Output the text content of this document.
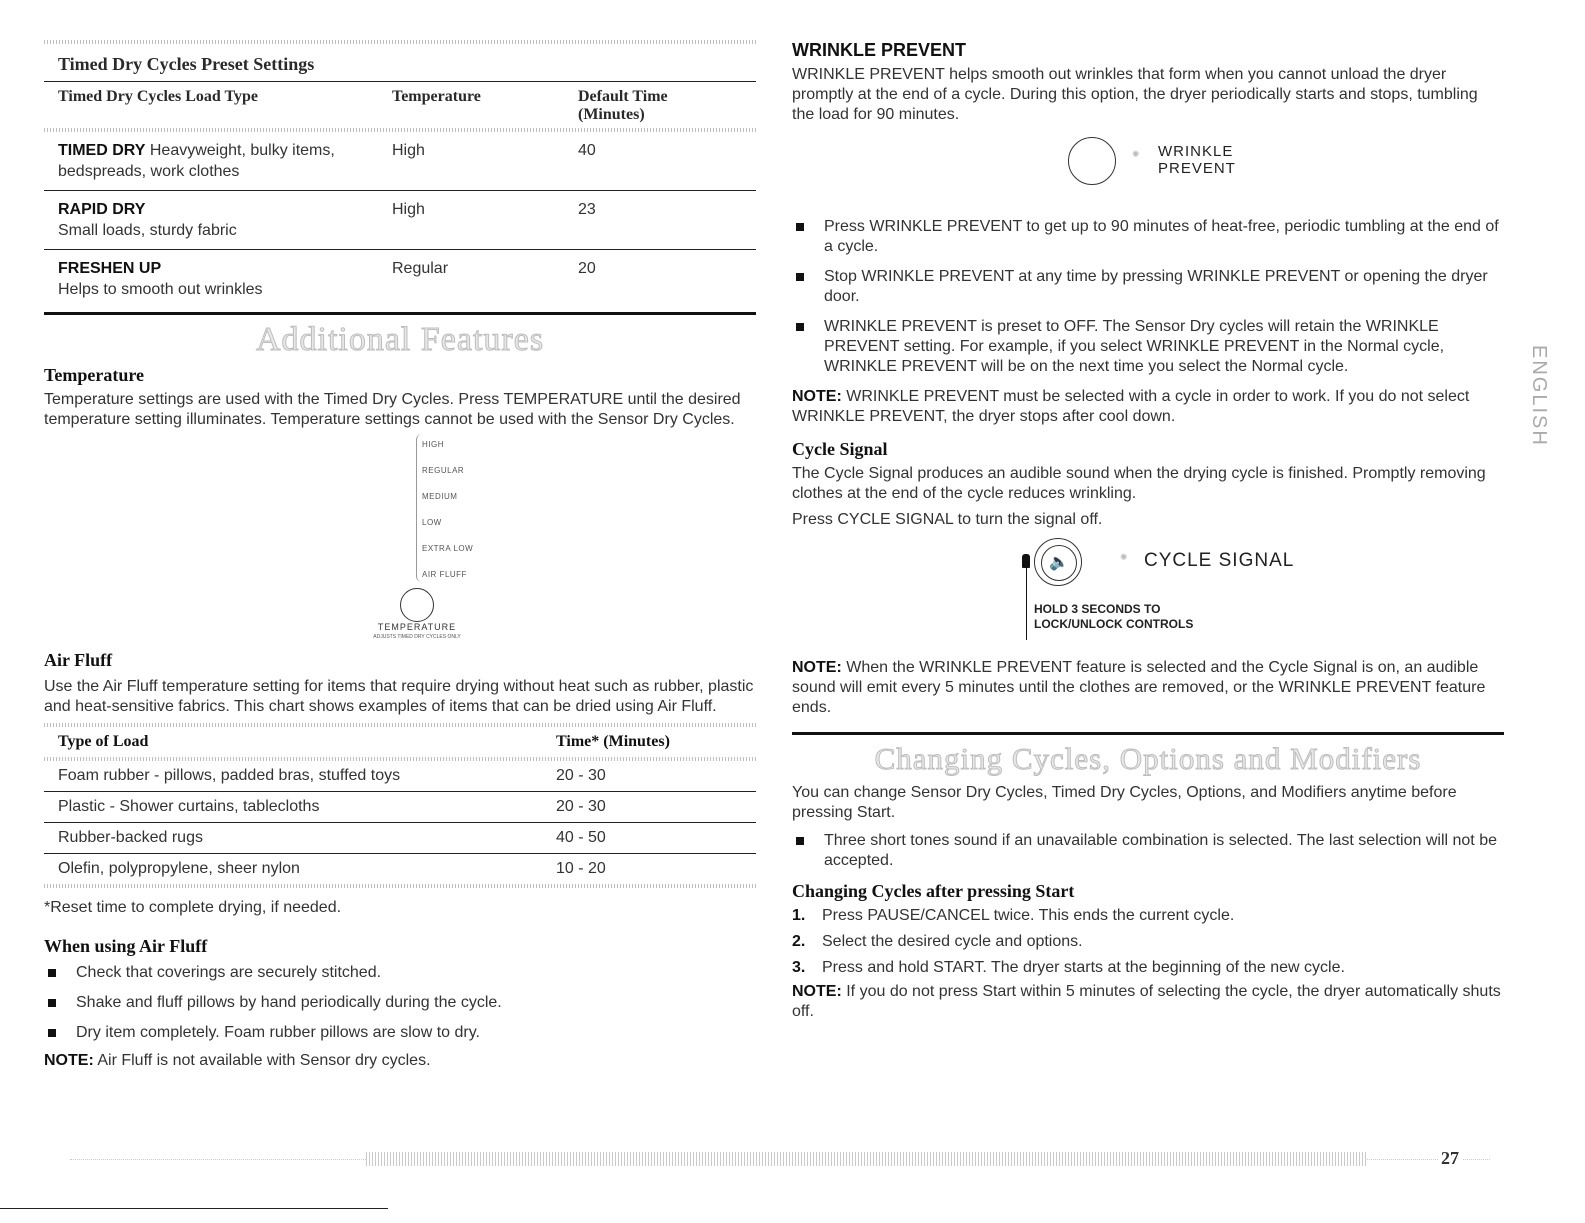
Timed Dry Cycles Preset Settings
Timed Dry Cycles Load Type	Temperature	Default Time
(Minutes)
TIMED DRY Heavyweight, bulky items,
bedspreads, work clothes
High	40
RAPID DRY
Small loads, sturdy fabric
High	23
FRESHEN UP
Helps to smooth out wrinkles
Regular	20
Additional Features
Temperature

Temperature settings are used with the Timed Dry Cycles. Press TEMPERATURE until the desired temperature setting illuminates. Temperature settings cannot be used with the Sensor Dry Cycles.

HIGH
REGULAR
MEDIUM
LOW
EXTRA LOW
AIR FLUFF
TEMPERATURE
ADJUSTS TIMED DRY CYCLES ONLY
Air Fluff

Use the Air Fluff temperature setting for items that require drying without heat such as rubber, plastic and heat-sensitive fabrics. This chart shows examples of items that can be dried using Air Fluff.

Type of Load	Time* (Minutes)
Foam rubber - pillows, padded bras, stuffed toys	20 - 30
Plastic - Shower curtains, tablecloths	20 - 30
Rubber-backed rugs	40 - 50
Olefin, polypropylene, sheer nylon	10 - 20

*Reset time to complete drying, if needed.

When using Air Fluff
Check that coverings are securely stitched.
Shake and fluff pillows by hand periodically during the cycle.
Dry item completely. Foam rubber pillows are slow to dry.

NOTE: Air Fluff is not available with Sensor dry cycles.

WRINKLE PREVENT

WRINKLE PREVENT helps smooth out wrinkles that form when you cannot unload the dryer promptly at the end of a cycle. During this option, the dryer periodically starts and stops, tumbling the load for 90 minutes.

✺ WRINKLE
PREVENT
Press WRINKLE PREVENT to get up to 90 minutes of heat-free, periodic tumbling at the end of a cycle.
Stop WRINKLE PREVENT at any time by pressing WRINKLE PREVENT or opening the dryer door.
WRINKLE PREVENT is preset to OFF. The Sensor Dry cycles will retain the WRINKLE PREVENT setting. For example, if you select WRINKLE PREVENT in the Normal cycle, WRINKLE PREVENT will be on the next time you select the Normal cycle.

NOTE: WRINKLE PREVENT must be selected with a cycle in order to work. If you do not select WRINKLE PREVENT, the dryer stops after cool down.

Cycle Signal

The Cycle Signal produces an audible sound when the drying cycle is finished. Promptly removing clothes at the end of the cycle reduces wrinkling.

Press CYCLE SIGNAL to turn the signal off.

🔈	✺ CYCLE SIGNAL
HOLD 3 SECONDS TO
LOCK/UNLOCK CONTROLS

NOTE: When the WRINKLE PREVENT feature is selected and the Cycle Signal is on, an audible sound will emit every 5 minutes until the clothes are removed, or the WRINKLE PREVENT feature ends.

Changing Cycles, Options and Modifiers

You can change Sensor Dry Cycles, Timed Dry Cycles, Options, and Modifiers anytime before pressing Start.

Three short tones sound if an unavailable combination is selected. The last selection will not be accepted.
Changing Cycles after pressing Start
1.	Press PAUSE/CANCEL twice. This ends the current cycle.
2.	Select the desired cycle and options.
3.	Press and hold START. The dryer starts at the beginning of the new cycle.

NOTE: If you do not press Start within 5 minutes of selecting the cycle, the dryer automatically shuts off.

ENGLISH
27
